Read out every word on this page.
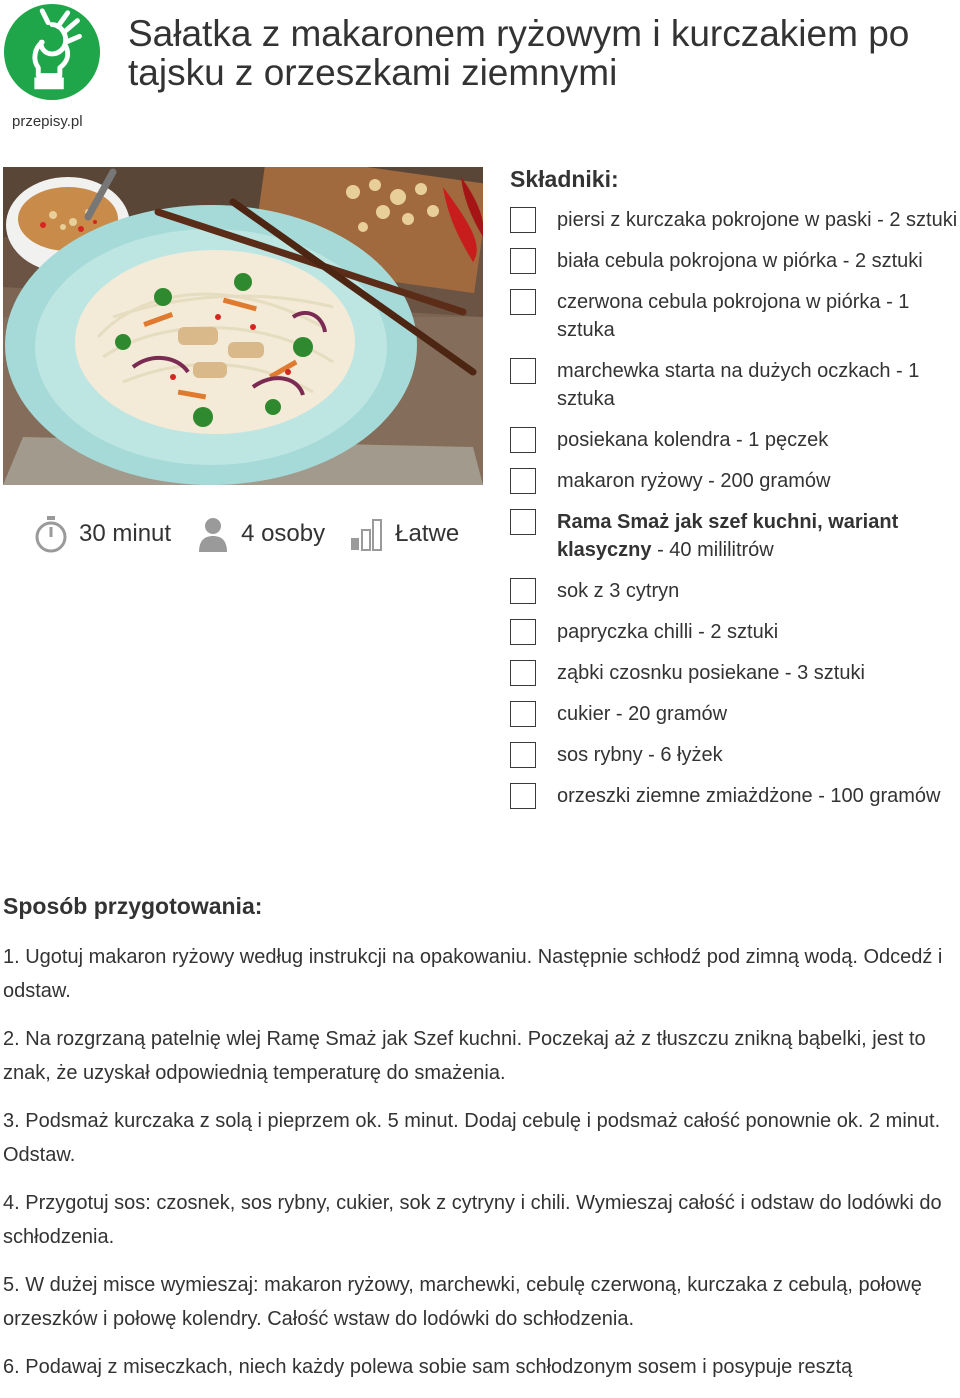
przepisy.pl
Sałatka z makaronem ryżowym i kurczakiem po tajsku z orzeszkami ziemnymi
30 minut	4 osoby	Łatwe
Składniki:
piersi z kurczaka pokrojone w paski - 2 sztuki
biała cebula pokrojona w piórka - 2 sztuki
czerwona cebula pokrojona w piórka - 1 sztuka
marchewka starta na dużych oczkach - 1 sztuka
posiekana kolendra - 1 pęczek
makaron ryżowy - 200 gramów
Rama Smaż jak szef kuchni, wariant klasyczny - 40 mililitrów
sok z 3 cytryn
papryczka chilli - 2 sztuki
ząbki czosnku posiekane - 3 sztuki
cukier - 20 gramów
sos rybny - 6 łyżek
orzeszki ziemne zmiażdżone - 100 gramów
Sposób przygotowania:

1. Ugotuj makaron ryżowy według instrukcji na opakowaniu. Następnie schłodź pod zimną wodą. Odcedź i odstaw.

2. Na rozgrzaną patelnię wlej Ramę Smaż jak Szef kuchni. Poczekaj aż z tłuszczu znikną bąbelki, jest to znak, że uzyskał odpowiednią temperaturę do smażenia.

3. Podsmaż kurczaka z solą i pieprzem ok. 5 minut. Dodaj cebulę i podsmaż całość ponownie ok. 2 minut. Odstaw.

4. Przygotuj sos: czosnek, sos rybny, cukier, sok z cytryny i chili. Wymieszaj całość i odstaw do lodówki do schłodzenia.

5. W dużej misce wymieszaj: makaron ryżowy, marchewki, cebulę czerwoną, kurczaka z cebulą, połowę orzeszków i połowę kolendry. Całość wstaw do lodówki do schłodzenia.

6. Podawaj z miseczkach, niech każdy polewa sobie sam schłodzonym sosem i posypuje resztą
